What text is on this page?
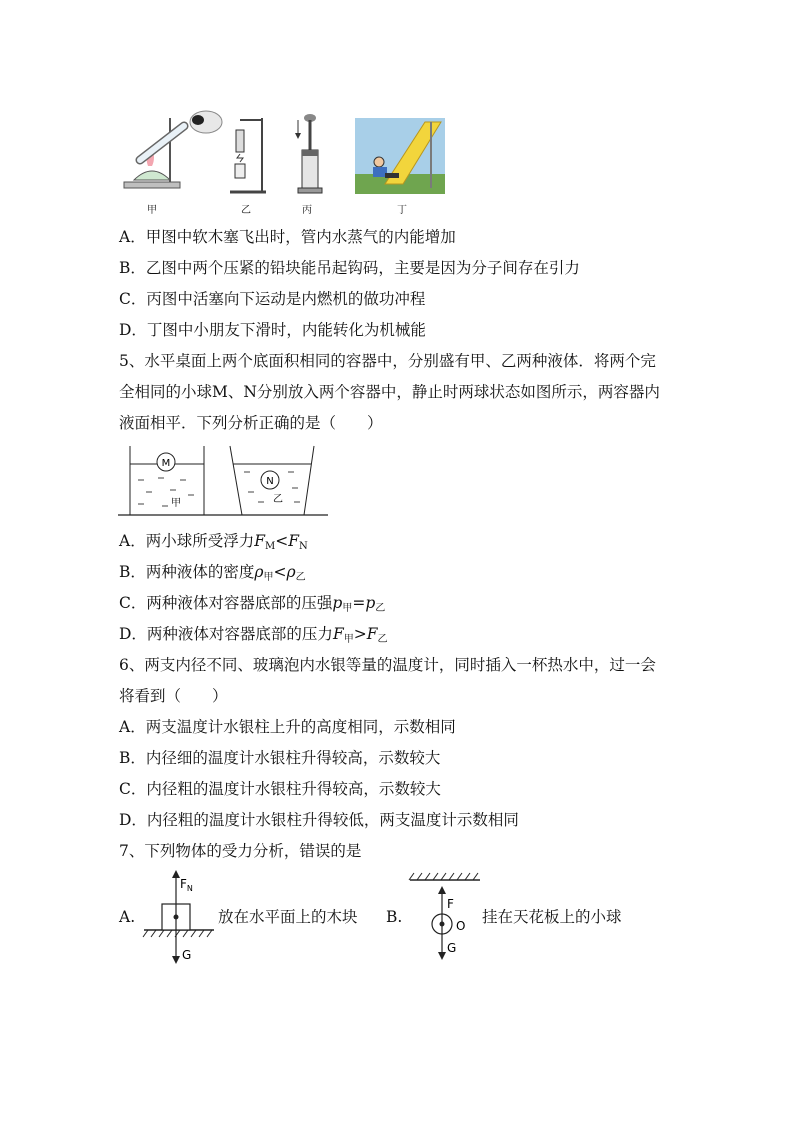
甲	乙	丙	丁
A．甲图中软木塞飞出时，管内水蒸气的内能增加
B．乙图中两个压紧的铅块能吊起钩码，主要是因为分子间存在引力
C．丙图中活塞向下运动是内燃机的做功冲程
D．丁图中小朋友下滑时，内能转化为机械能
5、水平桌面上两个底面积相同的容器中，分别盛有甲、乙两种液体．将两个完
全相同的小球M、N分别放入两个容器中，静止时两球状态如图所示，两容器内
液面相平．下列分析正确的是（　　）
M
甲
N
乙
A．两小球所受浮力$F_M<F_N$
B．两种液体的密度$\rho_甲<\rho_乙$
C．两种液体对容器底部的压强$p_甲=p_乙$
D．两种液体对容器底部的压力$F_甲>F_乙$
6、两支内径不同、玻璃泡内水银等量的温度计，同时插入一杯热水中，过一会
将看到（　　）
A．两支温度计水银柱上升的高度相同，示数相同
B．内径细的温度计水银柱升得较高，示数较大
C．内径粗的温度计水银柱升得较高，示数较大
D．内径粗的温度计水银柱升得较低，两支温度计示数相同
7、下列物体的受力分析，错误的是
A.
$F_N$
G
放在水平面上的木块 B.
F
O
G
挂在天花板上的小球
